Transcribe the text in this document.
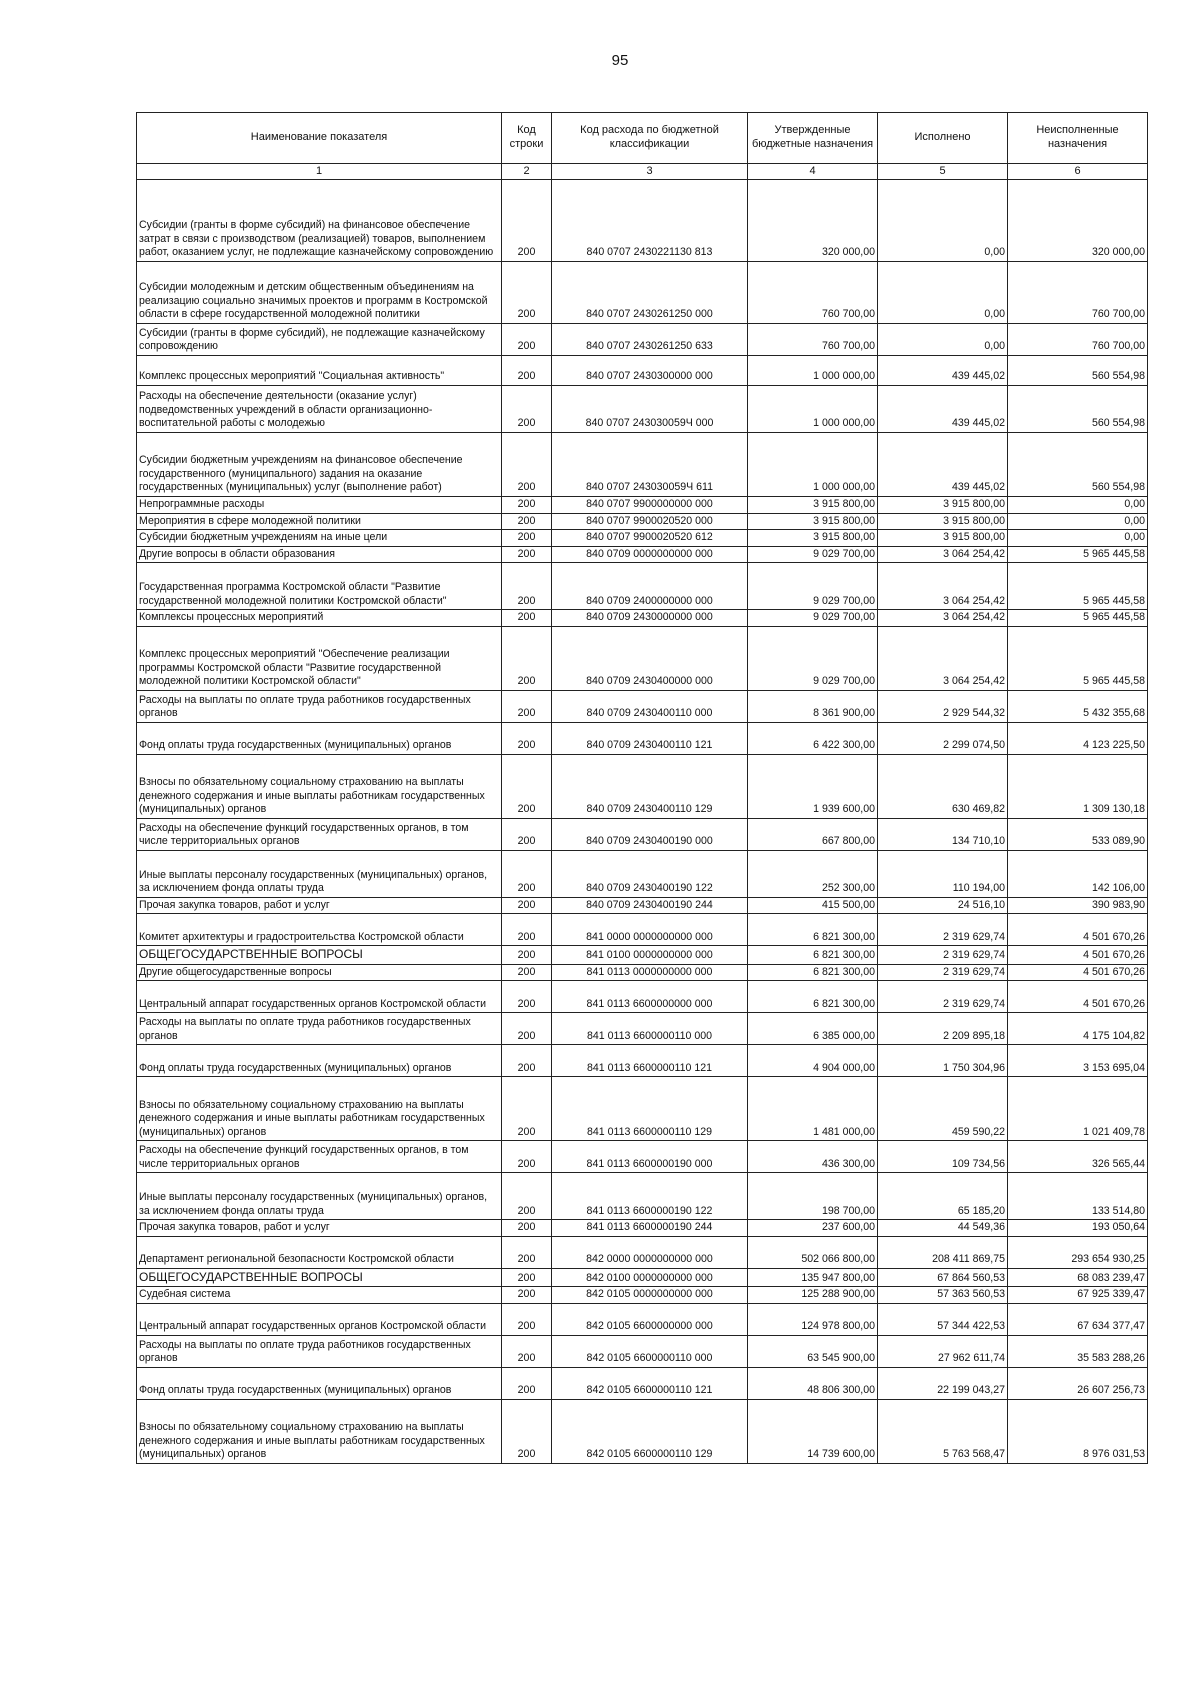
95
Наименование показателя	Код строки	Код расхода по бюджетной классификации	Утвержденные бюджетные назначения	Исполнено	Неисполненные назначения
1	2	3	4	5	6
Субсидии (гранты в форме субсидий) на финансовое обеспечение затрат в связи с производством (реализацией) товаров, выполнением работ, оказанием услуг, не подлежащие казначейскому сопровождению	200	840 0707 2430221130 813	320 000,00	0,00	320 000,00
Субсидии молодежным и детским общественным объединениям на реализацию социально значимых проектов и программ в Костромской области в сфере государственной молодежной политики	200	840 0707 2430261250 000	760 700,00	0,00	760 700,00
Субсидии (гранты в форме субсидий), не подлежащие казначейскому сопровождению	200	840 0707 2430261250 633	760 700,00	0,00	760 700,00
Комплекс процессных мероприятий "Социальная активность"	200	840 0707 2430300000 000	1 000 000,00	439 445,02	560 554,98
Расходы на обеспечение деятельности (оказание услуг) подведомственных учреждений в области организационно-воспитательной работы с молодежью	200	840 0707 243030059Ч 000	1 000 000,00	439 445,02	560 554,98
Субсидии бюджетным учреждениям на финансовое обеспечение государственного (муниципального) задания на оказание государственных (муниципальных) услуг (выполнение работ)	200	840 0707 243030059Ч 611	1 000 000,00	439 445,02	560 554,98
Непрограммные расходы	200	840 0707 9900000000 000	3 915 800,00	3 915 800,00	0,00
Мероприятия в сфере молодежной политики	200	840 0707 9900020520 000	3 915 800,00	3 915 800,00	0,00
Субсидии бюджетным учреждениям на иные цели	200	840 0707 9900020520 612	3 915 800,00	3 915 800,00	0,00
Другие вопросы в области образования	200	840 0709 0000000000 000	9 029 700,00	3 064 254,42	5 965 445,58
Государственная программа Костромской области "Развитие государственной молодежной политики Костромской области"	200	840 0709 2400000000 000	9 029 700,00	3 064 254,42	5 965 445,58
Комплексы процессных мероприятий	200	840 0709 2430000000 000	9 029 700,00	3 064 254,42	5 965 445,58
Комплекс процессных мероприятий "Обеспечение реализации программы Костромской области "Развитие государственной молодежной политики Костромской области"	200	840 0709 2430400000 000	9 029 700,00	3 064 254,42	5 965 445,58
Расходы на выплаты по оплате труда работников государственных органов	200	840 0709 2430400110 000	8 361 900,00	2 929 544,32	5 432 355,68
Фонд оплаты труда государственных (муниципальных) органов	200	840 0709 2430400110 121	6 422 300,00	2 299 074,50	4 123 225,50
Взносы по обязательному социальному страхованию на выплаты денежного содержания и иные выплаты работникам государственных (муниципальных) органов	200	840 0709 2430400110 129	1 939 600,00	630 469,82	1 309 130,18
Расходы на обеспечение функций государственных органов, в том числе территориальных органов	200	840 0709 2430400190 000	667 800,00	134 710,10	533 089,90
Иные выплаты персоналу государственных (муниципальных) органов, за исключением фонда оплаты труда	200	840 0709 2430400190 122	252 300,00	110 194,00	142 106,00
Прочая закупка товаров, работ и услуг	200	840 0709 2430400190 244	415 500,00	24 516,10	390 983,90
Комитет архитектуры и градостроительства Костромской области	200	841 0000 0000000000 000	6 821 300,00	2 319 629,74	4 501 670,26
ОБЩЕГОСУДАРСТВЕННЫЕ ВОПРОСЫ	200	841 0100 0000000000 000	6 821 300,00	2 319 629,74	4 501 670,26
Другие общегосударственные вопросы	200	841 0113 0000000000 000	6 821 300,00	2 319 629,74	4 501 670,26
Центральный аппарат государственных органов Костромской области	200	841 0113 6600000000 000	6 821 300,00	2 319 629,74	4 501 670,26
Расходы на выплаты по оплате труда работников государственных органов	200	841 0113 6600000110 000	6 385 000,00	2 209 895,18	4 175 104,82
Фонд оплаты труда государственных (муниципальных) органов	200	841 0113 6600000110 121	4 904 000,00	1 750 304,96	3 153 695,04
Взносы по обязательному социальному страхованию на выплаты денежного содержания и иные выплаты работникам государственных (муниципальных) органов	200	841 0113 6600000110 129	1 481 000,00	459 590,22	1 021 409,78
Расходы на обеспечение функций государственных органов, в том числе территориальных органов	200	841 0113 6600000190 000	436 300,00	109 734,56	326 565,44
Иные выплаты персоналу государственных (муниципальных) органов, за исключением фонда оплаты труда	200	841 0113 6600000190 122	198 700,00	65 185,20	133 514,80
Прочая закупка товаров, работ и услуг	200	841 0113 6600000190 244	237 600,00	44 549,36	193 050,64
Департамент региональной безопасности Костромской области	200	842 0000 0000000000 000	502 066 800,00	208 411 869,75	293 654 930,25
ОБЩЕГОСУДАРСТВЕННЫЕ ВОПРОСЫ	200	842 0100 0000000000 000	135 947 800,00	67 864 560,53	68 083 239,47
Судебная система	200	842 0105 0000000000 000	125 288 900,00	57 363 560,53	67 925 339,47
Центральный аппарат государственных органов Костромской области	200	842 0105 6600000000 000	124 978 800,00	57 344 422,53	67 634 377,47
Расходы на выплаты по оплате труда работников государственных органов	200	842 0105 6600000110 000	63 545 900,00	27 962 611,74	35 583 288,26
Фонд оплаты труда государственных (муниципальных) органов	200	842 0105 6600000110 121	48 806 300,00	22 199 043,27	26 607 256,73
Взносы по обязательному социальному страхованию на выплаты денежного содержания и иные выплаты работникам государственных (муниципальных) органов	200	842 0105 6600000110 129	14 739 600,00	5 763 568,47	8 976 031,53
